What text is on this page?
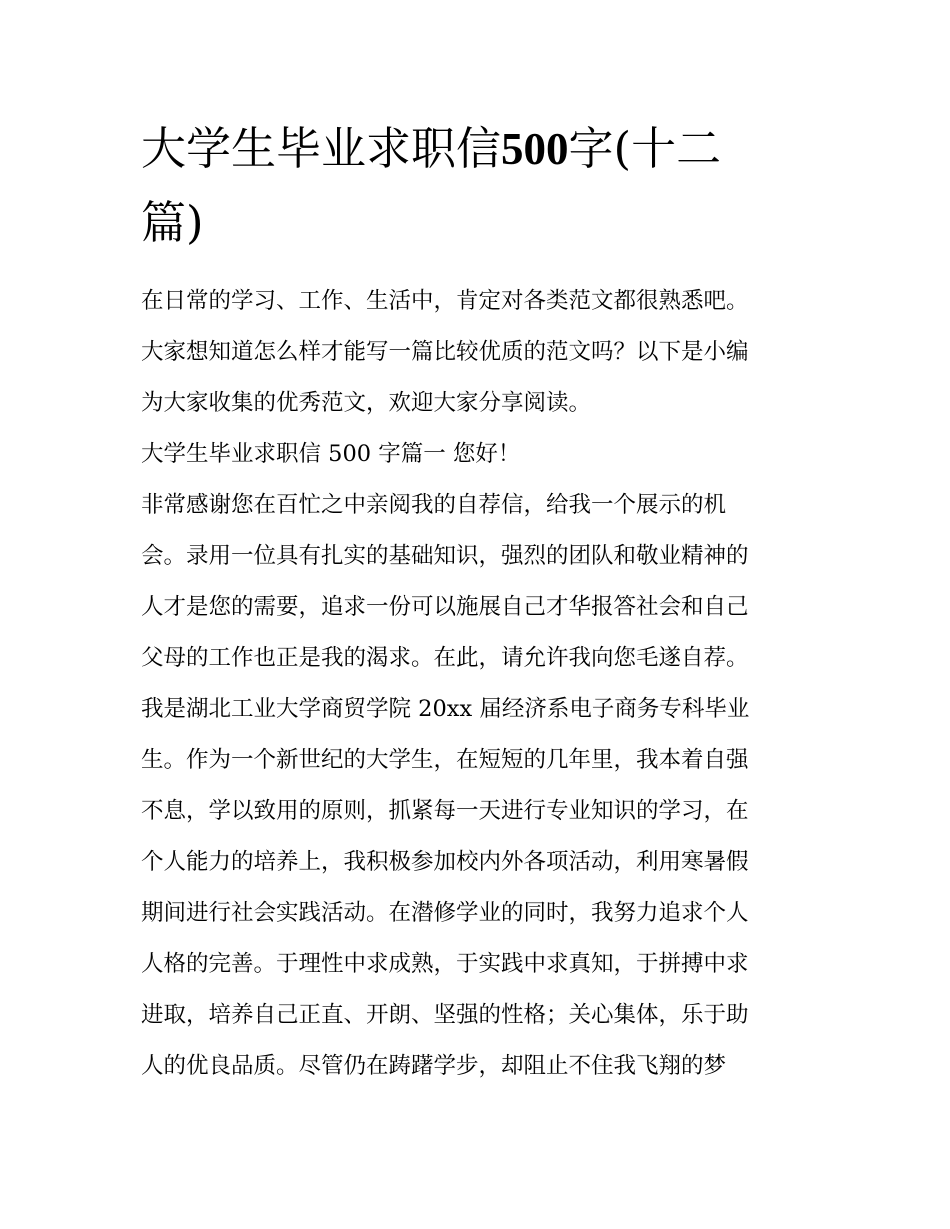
大学生毕业求职信500字(十二
篇)

在日常的学习、工作、生活中，肯定对各类范文都很熟悉吧。

大家想知道怎么样才能写一篇比较优质的范文吗？以下是小编

为大家收集的优秀范文，欢迎大家分享阅读。

大学生毕业求职信 500 字篇一 您好！

非常感谢您在百忙之中亲阅我的自荐信，给我一个展示的机

会。录用一位具有扎实的基础知识，强烈的团队和敬业精神的

人才是您的需要，追求一份可以施展自己才华报答社会和自己

父母的工作也正是我的渴求。在此，请允许我向您毛遂自荐。

我是湖北工业大学商贸学院 20xx 届经济系电子商务专科毕业

生。作为一个新世纪的大学生，在短短的几年里，我本着自强

不息，学以致用的原则，抓紧每一天进行专业知识的学习，在

个人能力的培养上，我积极参加校内外各项活动，利用寒暑假

期间进行社会实践活动。在潜修学业的同时，我努力追求个人

人格的完善。于理性中求成熟，于实践中求真知，于拼搏中求

进取，培养自己正直、开朗、坚强的性格；关心集体，乐于助

人的优良品质。尽管仍在踌躇学步，却阻止不住我飞翔的梦
